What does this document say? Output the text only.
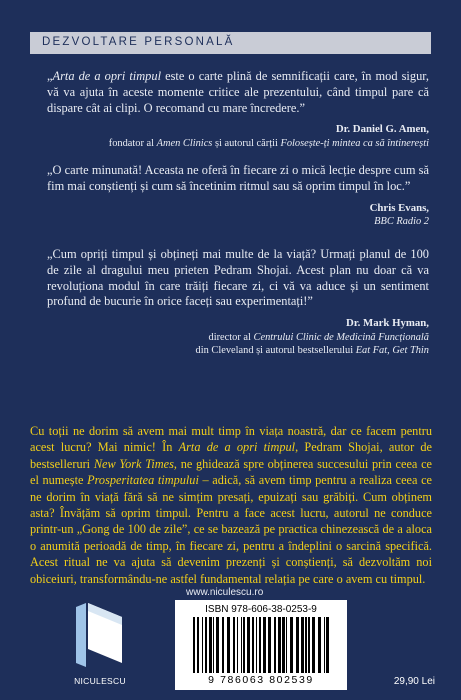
DEZVOLTARE PERSONALĂ

„Arta de a opri timpul este o carte plină de semnificații care, în mod sigur, vă va ajuta în aceste momente critice ale prezentului, când timpul pare că dispare cât ai clipi. O recomand cu mare încredere.”

Dr. Daniel G. Amen,
fondator al Amen Clinics și autorul cărții Folosește-ți mintea ca să întinerești

„O carte minunată! Aceasta ne oferă în fiecare zi o mică lecție despre cum să fim mai conștienți și cum să încetinim ritmul sau să oprim timpul în loc.”

Chris Evans,
BBC Radio 2

„Cum opriți timpul și obțineți mai multe de la viață? Urmați planul de 100 de zile al dragului meu prieten Pedram Shojai. Acest plan nu doar că va revoluționa modul în care trăiți fiecare zi, ci vă va aduce și un sentiment profund de bucurie în orice faceți sau experimentați!”

Dr. Mark Hyman,
director al Centrului Clinic de Medicină Funcțională
din Cleveland și autorul bestsellerului Eat Fat, Get Thin

Cu toții ne dorim să avem mai mult timp în viața noastră, dar ce facem pentru acest lucru? Mai nimic! În Arta de a opri timpul, Pedram Shojai, autor de bestselleruri New York Times, ne ghidează spre obținerea succesului prin ceea ce el numește Prosperitatea timpului – adică, să avem timp pentru a realiza ceea ce ne dorim în viață fără să ne simțim presați, epuizați sau grăbiți. Cum obținem asta? Învățăm să oprim timpul. Pentru a face acest lucru, autorul ne conduce printr-un „Gong de 100 de zile”, ce se bazează pe practica chinezească de a aloca o anumită perioadă de timp, în fiecare zi, pentru a îndeplini o sarcină specifică. Acest ritual ne va ajuta să devenim prezenți și conștienți, să dezvoltăm noi obiceiuri, transformându-ne astfel fundamental relația pe care o avem cu timpul.

www.niculescu.ro
NICULESCU
ISBN 978-606-38-0253-9
9 786063 802539	29,90 Lei
